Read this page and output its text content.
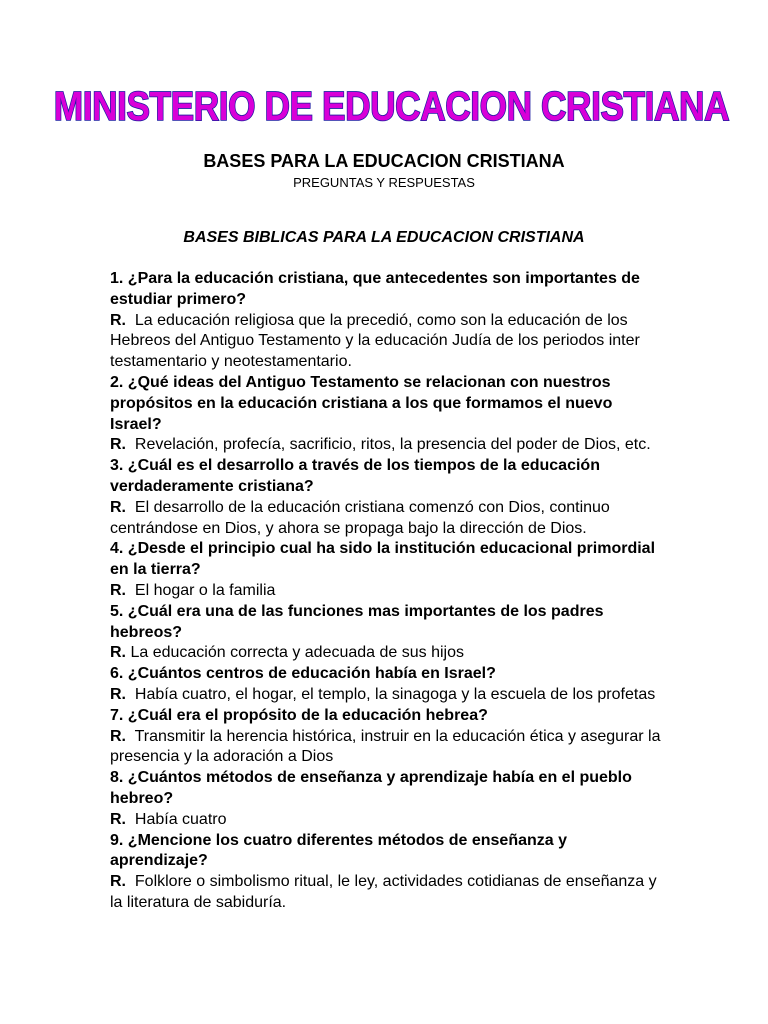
MINISTERIO DE EDUCACION CRISTIANA
BASES PARA LA EDUCACION CRISTIANA
PREGUNTAS Y RESPUESTAS
BASES BIBLICAS PARA LA EDUCACION CRISTIANA

1. ¿Para la educación cristiana, que antecedentes son importantes de estudiar primero?

R. La educación religiosa que la precedió, como son la educación de los Hebreos del Antiguo Testamento y la educación Judía de los periodos inter testamentario y neotestamentario.

2. ¿Qué ideas del Antiguo Testamento se relacionan con nuestros propósitos en la educación cristiana a los que formamos el nuevo Israel?

R. Revelación, profecía, sacrificio, ritos, la presencia del poder de Dios, etc.

3. ¿Cuál es el desarrollo a través de los tiempos de la educación verdaderamente cristiana?

R. El desarrollo de la educación cristiana comenzó con Dios, continuo centrándose en Dios, y ahora se propaga bajo la dirección de Dios.

4. ¿Desde el principio cual ha sido la institución educacional primordial en la tierra?

R. El hogar o la familia

5. ¿Cuál era una de las funciones mas importantes de los padres hebreos?

R. La educación correcta y adecuada de sus hijos

6. ¿Cuántos centros de educación había en Israel?

R. Había cuatro, el hogar, el templo, la sinagoga y la escuela de los profetas

7. ¿Cuál era el propósito de la educación hebrea?

R. Transmitir la herencia histórica, instruir en la educación ética y asegurar la presencia y la adoración a Dios

8. ¿Cuántos métodos de enseñanza y aprendizaje había en el pueblo hebreo?

R. Había cuatro

9. ¿Mencione los cuatro diferentes métodos de enseñanza y aprendizaje?

R. Folklore o simbolismo ritual, le ley, actividades cotidianas de enseñanza y la literatura de sabiduría.
